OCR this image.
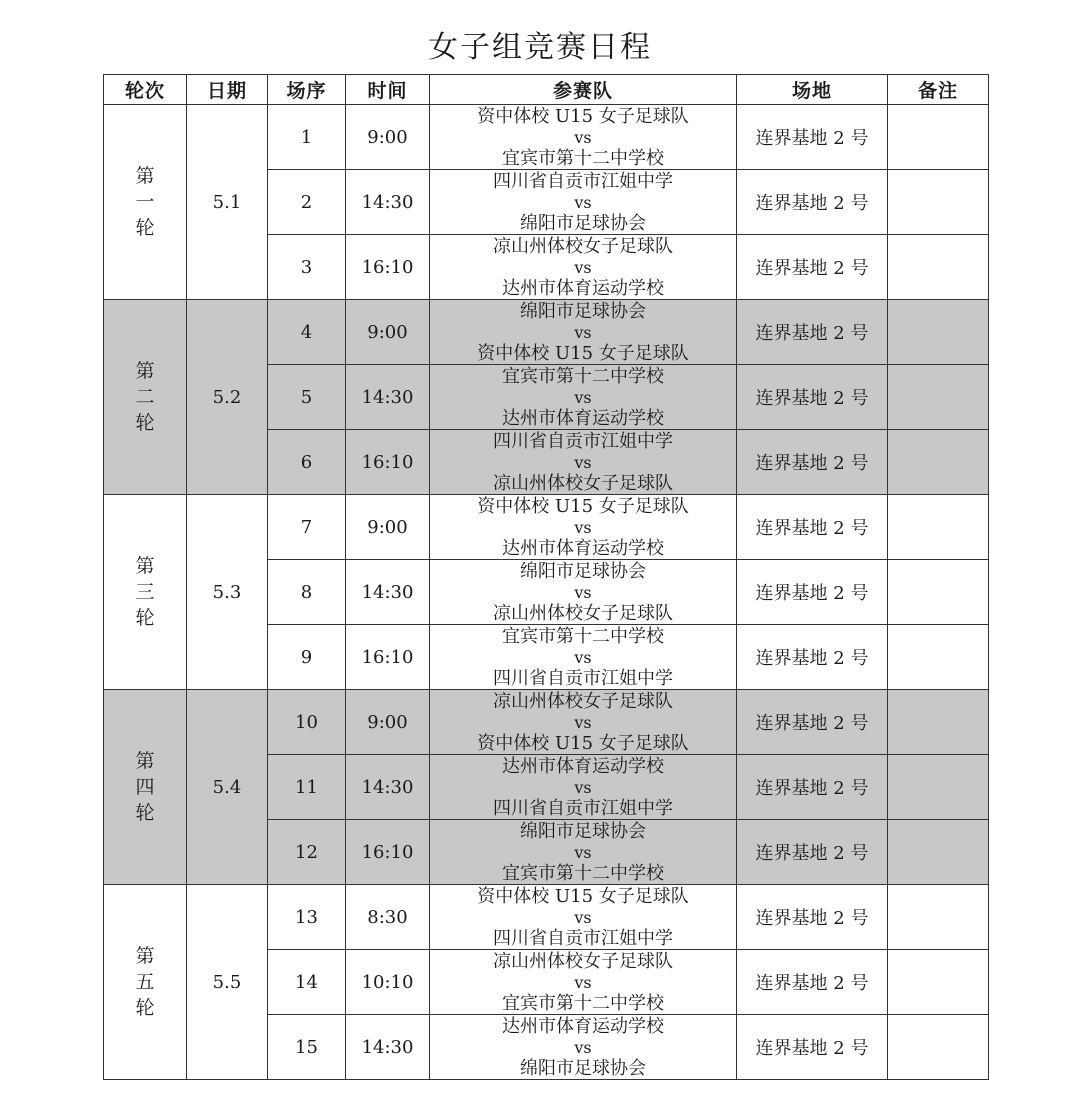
女子组竞赛日程
轮次	日期	场序	时间	参赛队	场地	备注

第
一
轮	5.1	1	9:00	资中体校 U15 女子足球队
vs
宜宾市第十二中学校	连界基地 2 号	
		2	14:30	四川省自贡市江姐中学
vs
绵阳市足球协会	连界基地 2 号	
		3	16:10	凉山州体校女子足球队
vs
达州市体育运动学校	连界基地 2 号	

第
二
轮	5.2	4	9:00	绵阳市足球协会
vs
资中体校 U15 女子足球队	连界基地 2 号	
		5	14:30	宜宾市第十二中学校
vs
达州市体育运动学校	连界基地 2 号	
		6	16:10	四川省自贡市江姐中学
vs
凉山州体校女子足球队	连界基地 2 号	

第
三
轮	5.3	7	9:00	资中体校 U15 女子足球队
vs
达州市体育运动学校	连界基地 2 号	
		8	14:30	绵阳市足球协会
vs
凉山州体校女子足球队	连界基地 2 号	
		9	16:10	宜宾市第十二中学校
vs
四川省自贡市江姐中学	连界基地 2 号	

第
四
轮	5.4	10	9:00	凉山州体校女子足球队
vs
资中体校 U15 女子足球队	连界基地 2 号	
		11	14:30	达州市体育运动学校
vs
四川省自贡市江姐中学	连界基地 2 号	
		12	16:10	绵阳市足球协会
vs
宜宾市第十二中学校	连界基地 2 号	

第
五
轮	5.5	13	8:30	资中体校 U15 女子足球队
vs
四川省自贡市江姐中学	连界基地 2 号	
		14	10:10	凉山州体校女子足球队
vs
宜宾市第十二中学校	连界基地 2 号	
		15	14:30	达州市体育运动学校
vs
绵阳市足球协会	连界基地 2 号	
